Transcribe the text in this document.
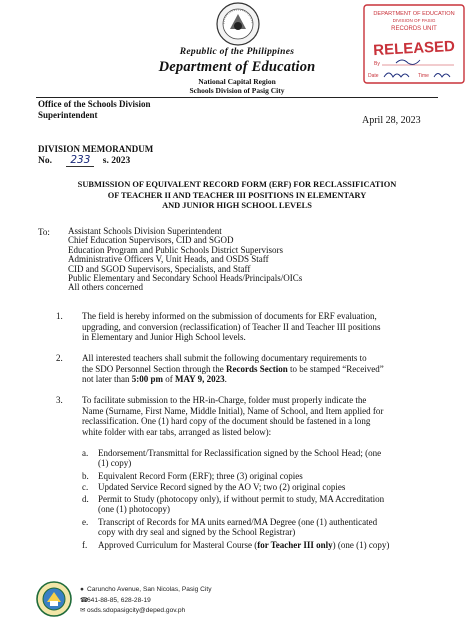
Republic of the Philippines
Department of Education
National Capital Region
Schools Division of Pasig City
DEPARTMENT OF EDUCATION
DIVISION OF PASIG
RECORDS UNIT
RELEASED
By
Date	Time
Office of the Schools Division
Superintendent	April 28, 2023
DIVISION MEMORANDUM
No. 233 s. 2023
SUBMISSION OF EQUIVALENT RECORD FORM (ERF) FOR RECLASSIFICATION
OF TEACHER II AND TEACHER III POSITIONS IN ELEMENTARY
AND JUNIOR HIGH SCHOOL LEVELS
To: Assistant Schools Division Superintendent
Chief Education Supervisors, CID and SGOD
Education Program and Public Schools District Supervisors
Administrative Officers V, Unit Heads, and OSDS Staff
CID and SGOD Supervisors, Specialists, and Staff
Public Elementary and Secondary School Heads/Principals/OICs
All others concerned
1. The field is hereby informed on the submission of documents for ERF evaluation,
upgrading, and conversion (reclassification) of Teacher II and Teacher III positions
in Elementary and Junior High School levels.
2. All interested teachers shall submit the following documentary requirements to
the SDO Personnel Section through the Records Section to be stamped “Received”
not later than 5:00 pm of MAY 9, 2023.
3. To facilitate submission to the HR-in-Charge, folder must properly indicate the
Name (Surname, First Name, Middle Initial), Name of School, and Item applied for
reclassification. One (1) hard copy of the document should be fastened in a long
white folder with ear tabs, arranged as listed below):
a. Endorsement/Transmittal for Reclassification signed by the School Head; (one
(1) copy)
b. Equivalent Record Form (ERF); three (3) original copies
c. Updated Service Record signed by the AO V; two (2) original copies
d. Permit to Study (photocopy only), if without permit to study, MA Accreditation
(one (1) photocopy)
e. Transcript of Records for MA units earned/MA Degree (one (1) authenticated
copy with dry seal and signed by the School Registrar)
f. Approved Curriculum for Masteral Course (for Teacher III only) (one (1) copy)
● Caruncho Avenue, San Nicolas, Pasig City
☎641-88-85, 628-28-19
✉osds.sdopasigcity@deped.gov.ph
